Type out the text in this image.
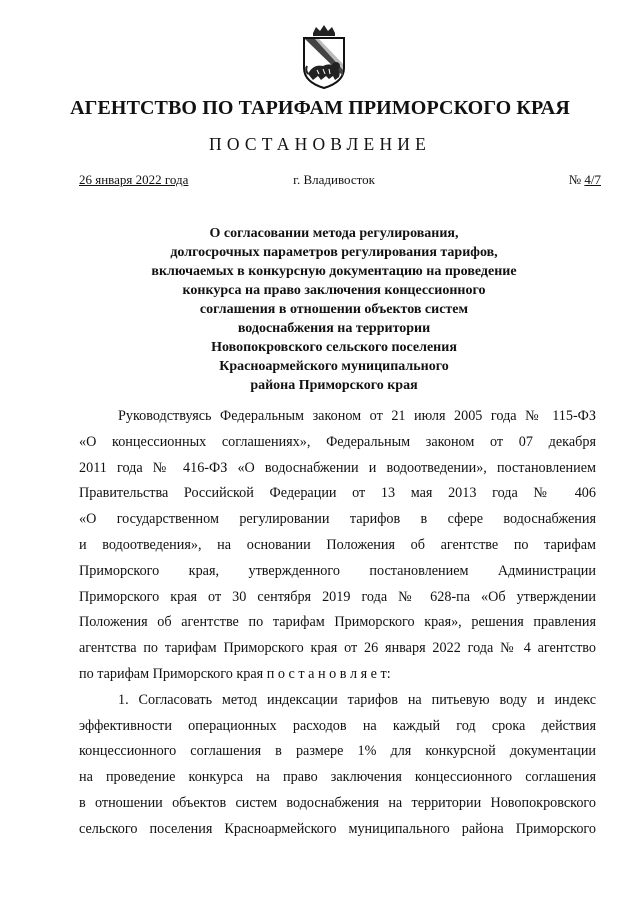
АГЕНТСТВО ПО ТАРИФАМ ПРИМОРСКОГО КРАЯ
ПОСТАНОВЛЕНИЕ
26 января 2022 года	г. Владивосток	№ 4/7
О согласовании метода регулирования,
долгосрочных параметров регулирования тарифов,
включаемых в конкурсную документацию на проведение
конкурса на право заключения концессионного
соглашения в отношении объектов систем
водоснабжения на территории
Новопокровского сельского поселения
Красноармейского муниципального
района Приморского края
Руководствуясь Федеральным законом от 21 июля 2005 года № 115-ФЗ
«О концессионных соглашениях», Федеральным законом от 07 декабря
2011 года № 416-ФЗ «О водоснабжении и водоотведении», постановлением
Правительства Российской Федерации от 13 мая 2013 года № 406
«О государственном регулировании тарифов в сфере водоснабжения
и водоотведения», на основании Положения об агентстве по тарифам
Приморского края, утвержденного постановлением Администрации
Приморского края от 30 сентября 2019 года № 628-па «Об утверждении
Положения об агентстве по тарифам Приморского края», решения правления
агентства по тарифам Приморского края от 26 января 2022 года № 4 агентство
по тарифам Приморского края п о с т а н о в л я е т:
1. Согласовать метод индексации тарифов на питьевую воду и индекс
эффективности операционных расходов на каждый год срока действия
концессионного соглашения в размере 1% для конкурсной документации
на проведение конкурса на право заключения концессионного соглашения
в отношении объектов систем водоснабжения на территории Новопокровского
сельского поселения Красноармейского муниципального района Приморского
